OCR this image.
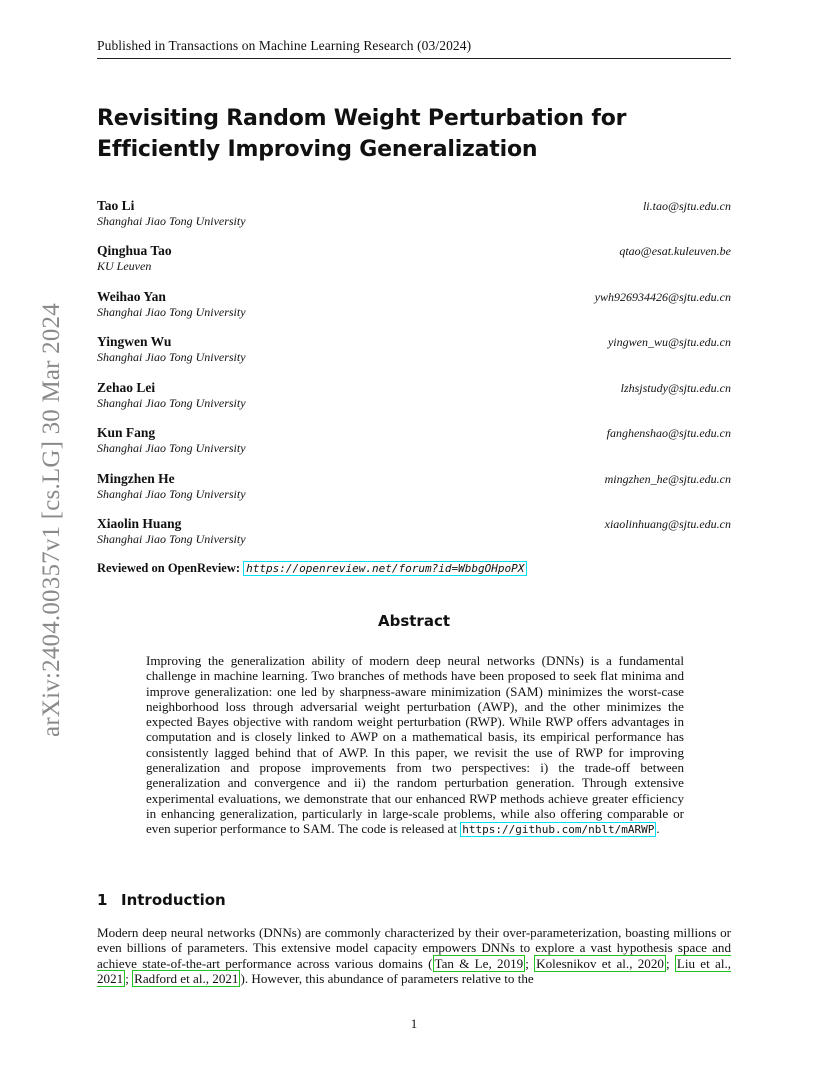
Published in Transactions on Machine Learning Research (03/2024)
arXiv:2404.00357v1 [cs.LG] 30 Mar 2024
Revisiting Random Weight Perturbation for Efficiently Improving Generalization
Tao Li
Shanghai Jiao Tong University
li.tao@sjtu.edu.cn
Qinghua Tao
KU Leuven
qtao@esat.kuleuven.be
Weihao Yan
Shanghai Jiao Tong University
ywh926934426@sjtu.edu.cn
Yingwen Wu
Shanghai Jiao Tong University
yingwen_wu@sjtu.edu.cn
Zehao Lei
Shanghai Jiao Tong University
lzhsjstudy@sjtu.edu.cn
Kun Fang
Shanghai Jiao Tong University
fanghenshao@sjtu.edu.cn
Mingzhen He
Shanghai Jiao Tong University
mingzhen_he@sjtu.edu.cn
Xiaolin Huang
Shanghai Jiao Tong University
xiaolinhuang@sjtu.edu.cn
Reviewed on OpenReview: https://openreview.net/forum?id=WbbgOHpoPX
Abstract
Improving the generalization ability of modern deep neural networks (DNNs) is a fundamental challenge in machine learning. Two branches of methods have been proposed to seek flat minima and improve generalization: one led by sharpness-aware minimization (SAM) minimizes the worst-case neighborhood loss through adversarial weight perturbation (AWP), and the other minimizes the expected Bayes objective with random weight perturbation (RWP). While RWP offers advantages in computation and is closely linked to AWP on a mathematical basis, its empirical performance has consistently lagged behind that of AWP. In this paper, we revisit the use of RWP for improving generalization and propose improvements from two perspectives: i) the trade-off between generalization and convergence and ii) the random perturbation generation. Through extensive experimental evaluations, we demonstrate that our enhanced RWP methods achieve greater efficiency in enhancing generalization, particularly in large-scale problems, while also offering comparable or even superior performance to SAM. The code is released at https://github.com/nblt/mARWP .
1 Introduction
Modern deep neural networks (DNNs) are commonly characterized by their over-parameterization, boasting millions or even billions of parameters. This extensive model capacity empowers DNNs to explore a vast hypothesis space and achieve state-of-the-art performance across various domains ( Tan & Le, 2019 ; Kolesnikov et al., 2020 ; Liu et al., 2021 ; Radford et al., 2021 ). However, this abundance of parameters relative to the
1
